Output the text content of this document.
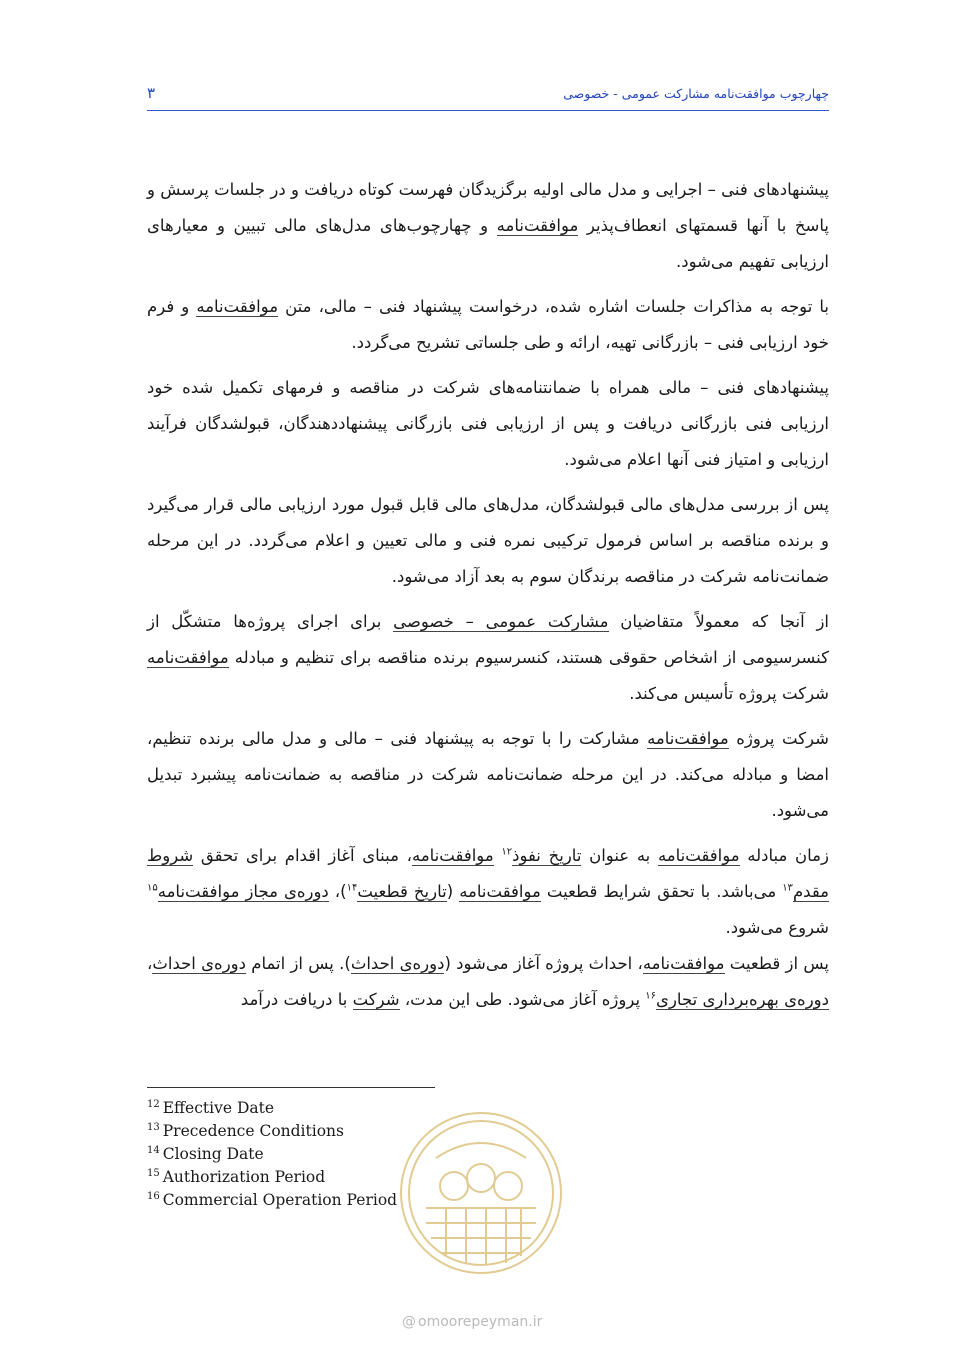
۳	چهارچوب موافقت‌نامه مشارکت عمومی - خصوصی

پیشنهادهای فنی – اجرایی و مدل مالی اولیه برگزیدگان فهرست کوتاه دریافت و در جلسات پرسش و پاسخ با آنها قسمتهای انعطاف‌پذیر موافقت‌نامه و چهارچوب‌های مدل‌های مالی تبیین و معیارهای ارزیابی تفهیم می‌شود.

با توجه به مذاکرات جلسات اشاره شده، درخواست پیشنهاد فنی – مالی، متن موافقت‌نامه و فرم خود ارزیابی فنی – بازرگانی تهیه، ارائه و طی جلساتی تشریح می‌گردد.

پیشنهادهای فنی – مالی همراه با ضمانتنامه‌های شرکت در مناقصه و فرمهای تکمیل شده خود ارزیابی فنی بازرگانی دریافت و پس از ارزیابی فنی بازرگانی پیشنهاددهندگان، قبولشدگان فرآیند ارزیابی و امتیاز فنی آنها اعلام می‌شود.

پس از بررسی مدل‌های مالی قبولشدگان، مدل‌های مالی قابل قبول مورد ارزیابی مالی قرار می‌گیرد و برنده مناقصه بر اساس فرمول ترکیبی نمره فنی و مالی تعیین و اعلام می‌گردد. در این مرحله ضمانت‌نامه شرکت در مناقصه برندگان سوم به بعد آزاد می‌شود.

از آنجا که معمولاً متقاضیان مشارکت عمومی – خصوصی برای اجرای پروژه‌ها متشکّل از کنسرسیومی از اشخاص حقوقی هستند، کنسرسیوم برنده مناقصه برای تنظیم و مبادله موافقت‌نامه شرکت پروژه تأسیس می‌کند.

شرکت پروژه موافقت‌نامه مشارکت را با توجه به پیشنهاد فنی – مالی و مدل مالی برنده تنظیم، امضا و مبادله می‌کند. در این مرحله ضمانت‌نامه شرکت در مناقصه به ضمانت‌نامه پیشبرد تبدیل می‌شود.

زمان مبادله موافقت‌نامه به عنوان تاریخ نفوذ$^{۱۲}$ موافقت‌نامه، مبنای آغاز اقدام برای تحقق شروط مقدم$^{۱۳}$ می‌باشد. با تحقق شرایط قطعیت موافقت‌نامه (تاریخ قطعیت$^{۱۴}$)، دوره‌ی مجاز موافقت‌نامه$^{۱۵}$ شروع می‌شود.

پس از قطعیت موافقت‌نامه، احداث پروژه آغاز می‌شود (دوره‌ی احداث). پس از اتمام دوره‌ی احداث، دوره‌ی بهره‌برداری تجاری$^{۱۶}$ پروژه آغاز می‌شود. طی این مدت، شرکت با دریافت درآمد

$^{12}$ Effective Date
$^{13}$ Precedence Conditions
$^{14}$ Closing Date
$^{15}$ Authorization Period
$^{16}$ Commercial Operation Period
@ omoorepeyman.ir
